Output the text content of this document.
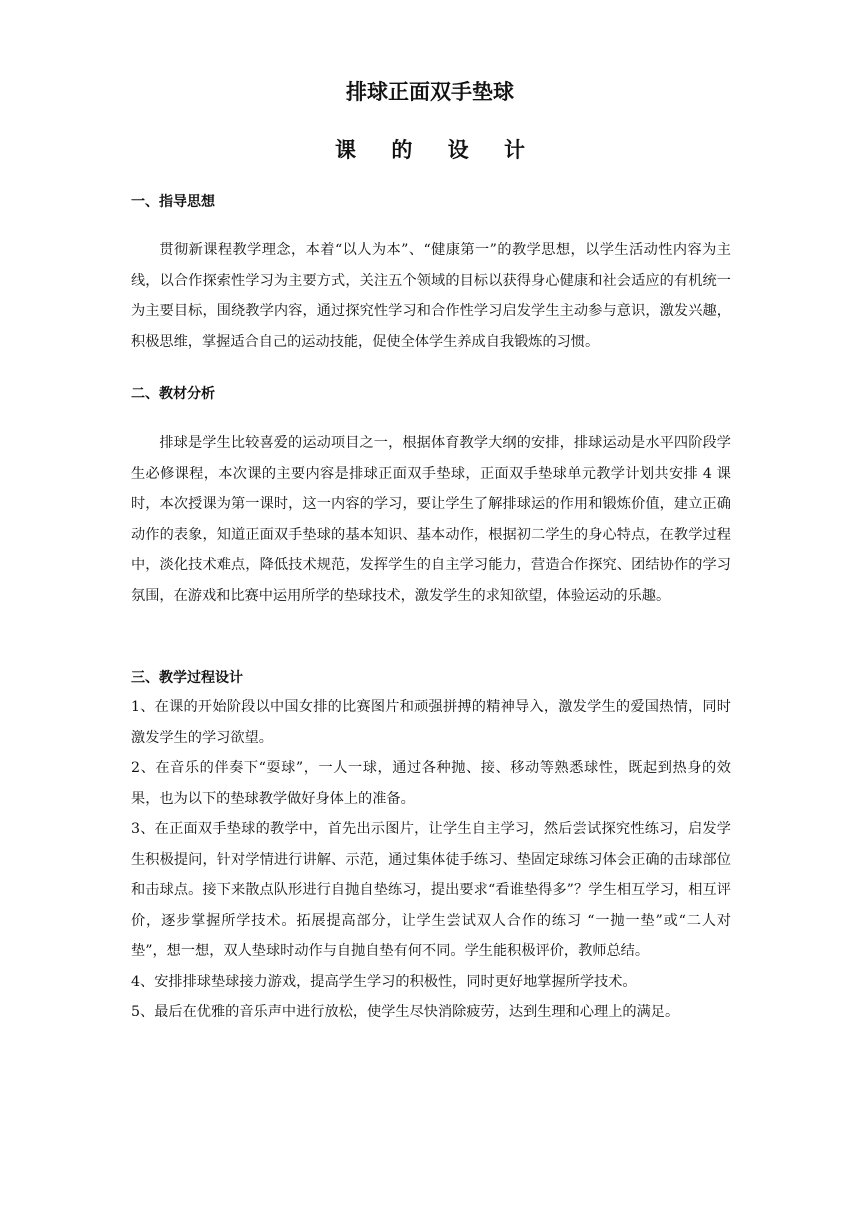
排球正面双手垫球
课 的 设 计
一、指导思想

贯彻新课程教学理念，本着“以人为本”、“健康第一”的教学思想，以学生活动性内容为主线，以合作探索性学习为主要方式，关注五个领域的目标以获得身心健康和社会适应的有机统一为主要目标，围绕教学内容，通过探究性学习和合作性学习启发学生主动参与意识，激发兴趣，积极思维，掌握适合自己的运动技能，促使全体学生养成自我锻炼的习惯。

二、教材分析

排球是学生比较喜爱的运动项目之一，根据体育教学大纲的安排，排球运动是水平四阶段学生必修课程，本次课的主要内容是排球正面双手垫球，正面双手垫球单元教学计划共安排 4 课时，本次授课为第一课时，这一内容的学习，要让学生了解排球运的作用和锻炼价值，建立正确动作的表象，知道正面双手垫球的基本知识、基本动作，根据初二学生的身心特点，在教学过程中，淡化技术难点，降低技术规范，发挥学生的自主学习能力，营造合作探究、团结协作的学习氛围，在游戏和比赛中运用所学的垫球技术，激发学生的求知欲望，体验运动的乐趣。

三、教学过程设计
1、在课的开始阶段以中国女排的比赛图片和顽强拼搏的精神导入，激发学生的爱国热情，同时激发学生的学习欲望。
2、在音乐的伴奏下“耍球”，一人一球，通过各种抛、接、移动等熟悉球性，既起到热身的效果，也为以下的垫球教学做好身体上的准备。
3、在正面双手垫球的教学中，首先出示图片，让学生自主学习，然后尝试探究性练习，启发学生积极提问，针对学情进行讲解、示范，通过集体徒手练习、垫固定球练习体会正确的击球部位和击球点。接下来散点队形进行自抛自垫练习，提出要求“看谁垫得多”？学生相互学习，相互评价，逐步掌握所学技术。拓展提高部分，让学生尝试双人合作的练习 “一抛一垫”或“二人对垫”，想一想，双人垫球时动作与自抛自垫有何不同。学生能积极评价，教师总结。
4、安排排球垫球接力游戏，提高学生学习的积极性，同时更好地掌握所学技术。
5、最后在优雅的音乐声中进行放松，使学生尽快消除疲劳，达到生理和心理上的满足。
